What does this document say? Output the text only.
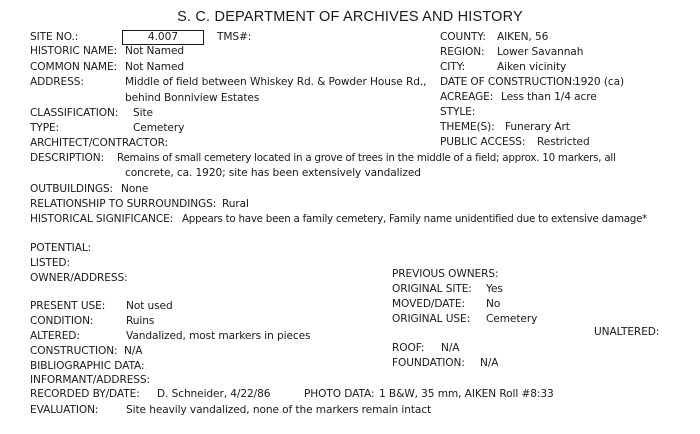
S. C. DEPARTMENT OF ARCHIVES AND HISTORY
SITE NO.:	4.007	TMS#:
HISTORIC NAME: Not Named
COMMON NAME: Not Named
ADDRESS:	Middle of field between Whiskey Rd. & Powder House Rd.,
behind Bonniview Estates
CLASSIFICATION: Site
TYPE:	Cemetery
ARCHITECT/CONTRACTOR:
COUNTY: AIKEN, 56
REGION: Lower Savannah
CITY:	Aiken vicinity
DATE OF CONSTRUCTION:
1920 (ca)
ACREAGE: Less than 1/4 acre
STYLE:
THEME(S): Funerary Art
PUBLIC ACCESS: Restricted
DESCRIPTION: Remains of small cemetery located in a grove of trees in the middle of a field; approx. 10 markers, all
concrete, ca. 1920; site has been extensively vandalized
OUTBUILDINGS: None
RELATIONSHIP TO SURROUNDINGS: Rural
HISTORICAL SIGNIFICANCE: Appears to have been a family cemetery, Family name unidentified due to extensive damage*
POTENTIAL:
LISTED:
OWNER/ADDRESS:	PREVIOUS OWNERS:
ORIGINAL SITE: Yes
MOVED/DATE: No
ORIGINAL USE: Cemetery
UNALTERED:
PRESENT USE: Not used
CONDITION:	Ruins
ALTERED:	Vandalized, most markers in pieces
CONSTRUCTION: N/A	ROOF: N/A
BIBLIOGRAPHIC DATA:	FOUNDATION: N/A
INFORMANT/ADDRESS:
RECORDED BY/DATE: D. Schneider, 4/22/86	PHOTO DATA: 1 B&W, 35 mm, AIKEN Roll #8:33
EVALUATION:	Site heavily vandalized, none of the markers remain intact
